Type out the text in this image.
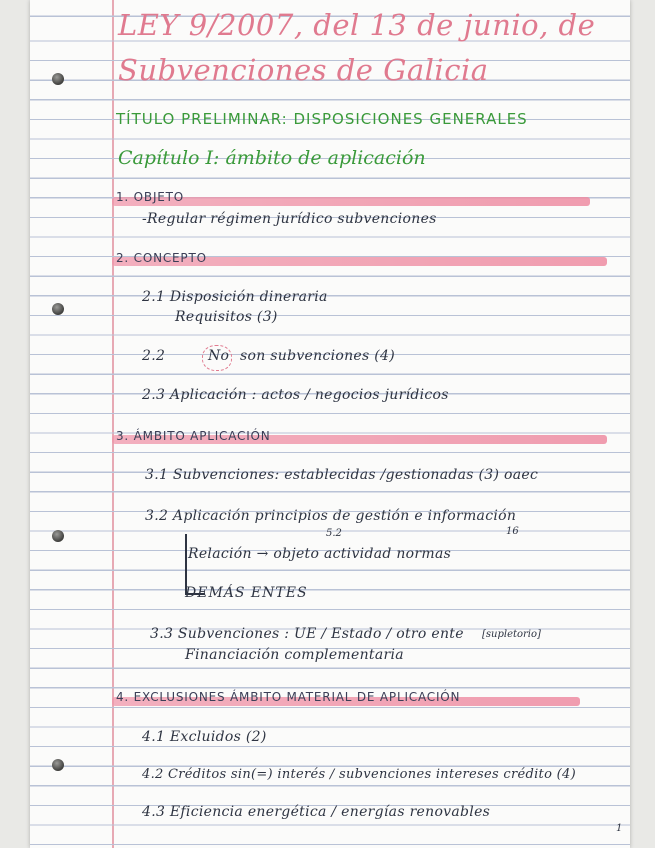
LEY 9/2007, del 13 de junio, de
Subvenciones de Galicia
TÍTULO PRELIMINAR: DISPOSICIONES GENERALES
Capítulo I: ámbito de aplicación
1. OBJETO
-Regular régimen jurídico subvenciones
2. CONCEPTO
2.1 Disposición dineraria
Requisitos (3)
2.2	No son subvenciones (4)
2.3 Aplicación : actos / negocios jurídicos
3. ÁMBITO APLICACIÓN
3.1 Subvenciones: establecidas /gestionadas (3) oaec
3.2 Aplicación principios de gestión e información
5.2	16
Relación → objeto actividad normas
DEMÁS ENTES
3.3 Subvenciones : UE / Estado / otro ente [supletorio]
Financiación complementaria
4. EXCLUSIONES ÁMBITO MATERIAL DE APLICACIÓN
4.1 Excluidos (2)
4.2 Créditos sin(=) interés / subvenciones intereses crédito (4)
4.3 Eficiencia energética / energías renovables
1
